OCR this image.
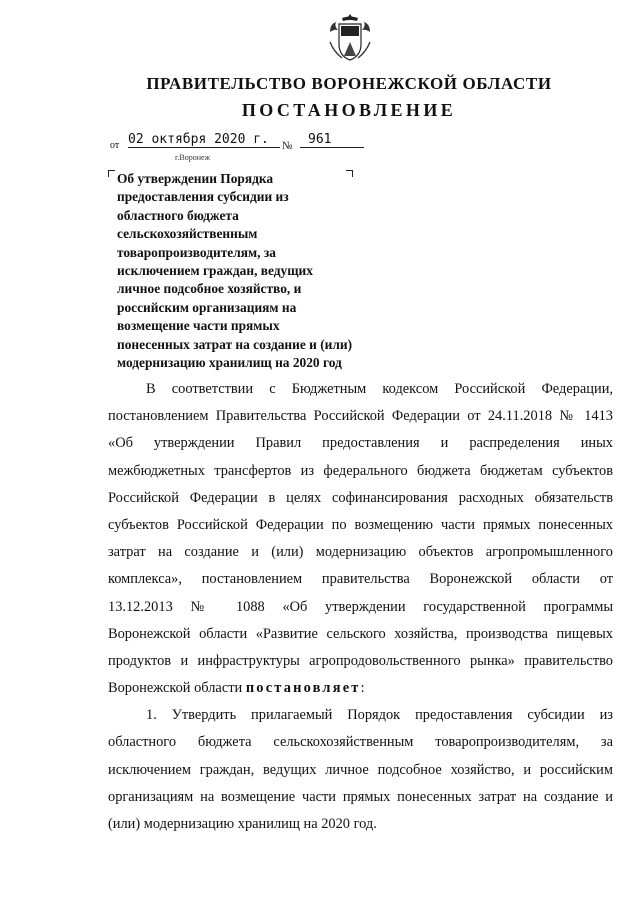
ПРАВИТЕЛЬСТВО ВОРОНЕЖСКОЙ ОБЛАСТИ
ПОСТАНОВЛЕНИЕ
от 02 октября 2020 г.	№	961
г.Воронеж
Об утверждении Порядка
предоставления субсидии из
областного бюджета
сельскохозяйственным
товаропроизводителям, за
исключением граждан, ведущих
личное подсобное хозяйство, и
российским организациям на
возмещение части прямых
понесенных затрат на создание и (или)
модернизацию хранилищ на 2020 год
В соответствии с Бюджетным кодексом Российской Федерации,
постановлением Правительства Российской Федерации от 24.11.2018 № 1413
«Об утверждении Правил предоставления и распределения иных
межбюджетных трансфертов из федерального бюджета бюджетам субъектов
Российской Федерации в целях софинансирования расходных обязательств
субъектов Российской Федерации по возмещению части прямых понесенных
затрат на создание и (или) модернизацию объектов агропромышленного
комплекса», постановлением правительства Воронежской области от
13.12.2013 № 1088 «Об утверждении государственной программы
Воронежской области «Развитие сельского хозяйства, производства пищевых
продуктов и инфраструктуры агропродовольственного рынка» правительство
Воронежской области постановляет:
1. Утвердить прилагаемый Порядок предоставления субсидии из
областного бюджета сельскохозяйственным товаропроизводителям, за
исключением граждан, ведущих личное подсобное хозяйство, и российским
организациям на возмещение части прямых понесенных затрат на создание и
(или) модернизацию хранилищ на 2020 год.
